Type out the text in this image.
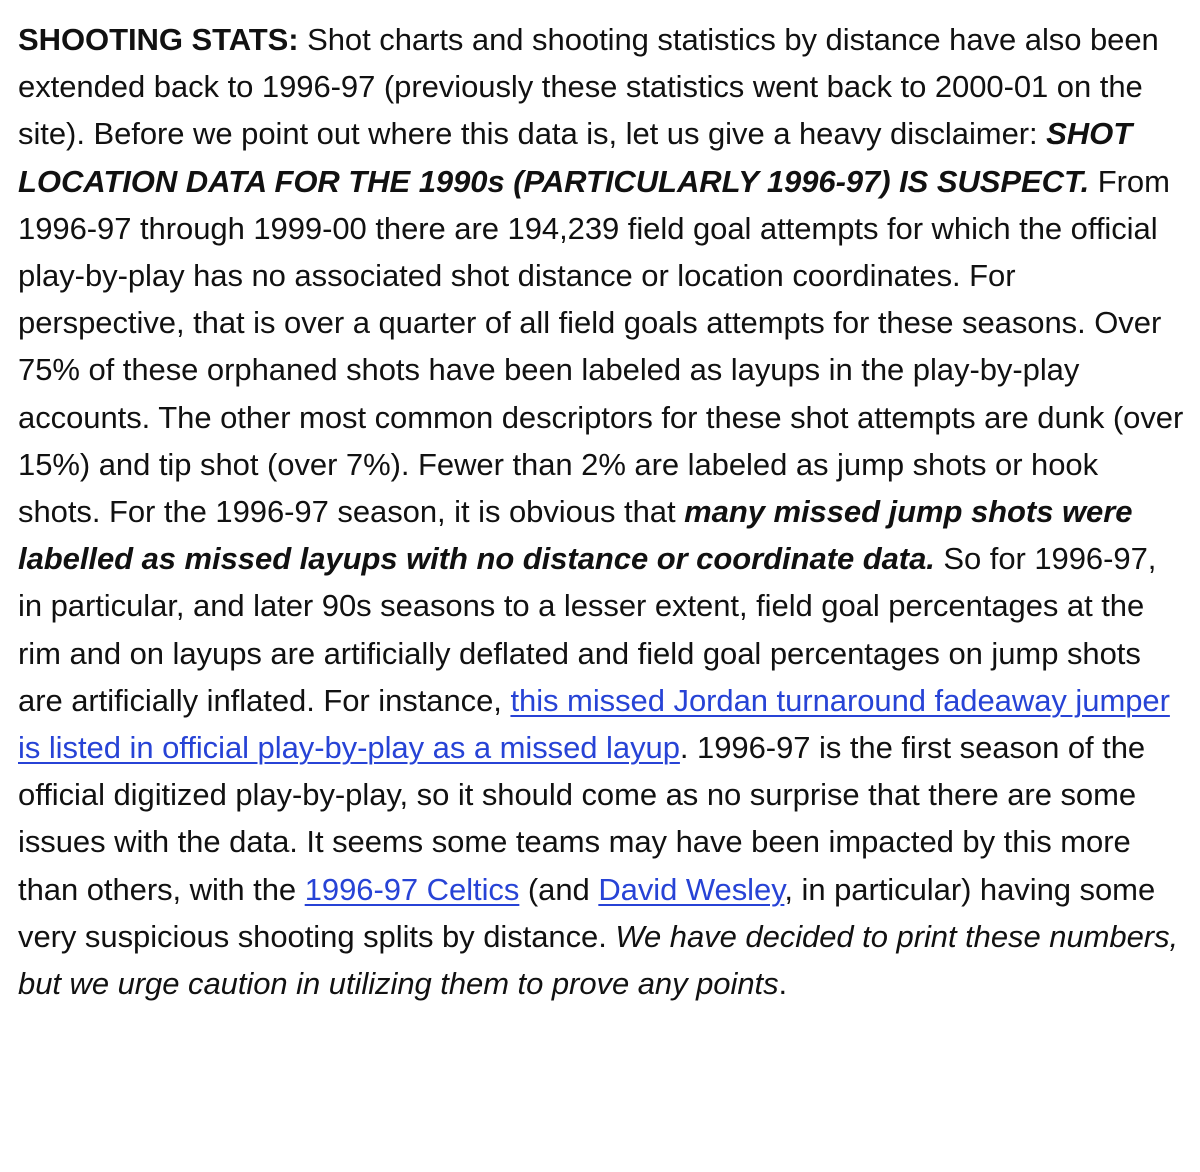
SHOOTING STATS: Shot charts and shooting statistics by distance have also been extended back to 1996-97 (previously these statistics went back to 2000-01 on the site). Before we point out where this data is, let us give a heavy disclaimer: SHOT LOCATION DATA FOR THE 1990s (PARTICULARLY 1996-97) IS SUSPECT. From 1996-97 through 1999-00 there are 194,239 field goal attempts for which the official play-by-play has no associated shot distance or location coordinates. For perspective, that is over a quarter of all field goals attempts for these seasons. Over 75% of these orphaned shots have been labeled as layups in the play-by-play accounts. The other most common descriptors for these shot attempts are dunk (over 15%) and tip shot (over 7%). Fewer than 2% are labeled as jump shots or hook shots. For the 1996-97 season, it is obvious that many missed jump shots were labelled as missed layups with no distance or coordinate data. So for 1996-97, in particular, and later 90s seasons to a lesser extent, field goal percentages at the rim and on layups are artificially deflated and field goal percentages on jump shots are artificially inflated. For instance, this missed Jordan turnaround fadeaway jumper is listed in official play-by-play as a missed layup. 1996-97 is the first season of the official digitized play-by-play, so it should come as no surprise that there are some issues with the data. It seems some teams may have been impacted by this more than others, with the 1996-97 Celtics (and David Wesley, in particular) having some very suspicious shooting splits by distance. We have decided to print these numbers, but we urge caution in utilizing them to prove any points.
